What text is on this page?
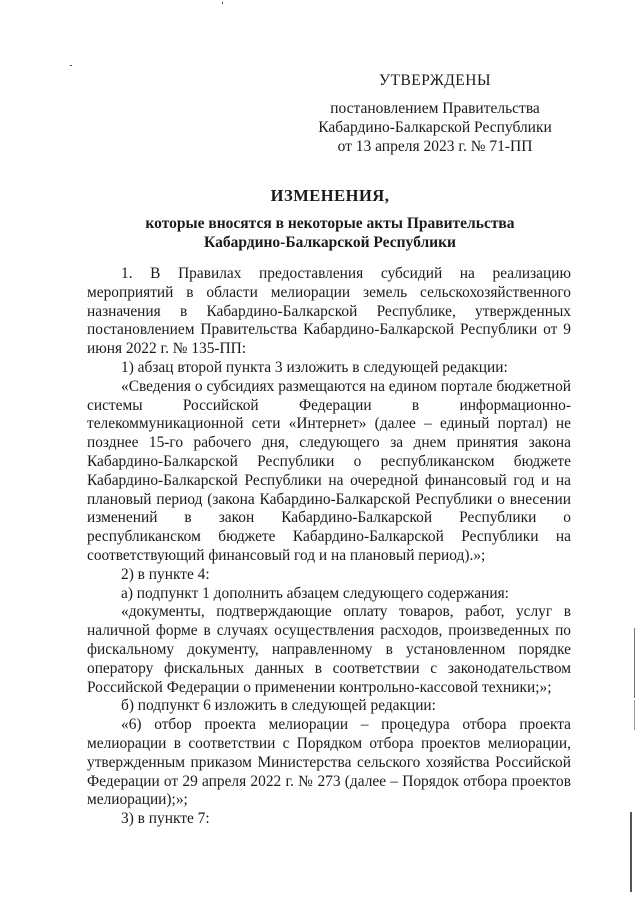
УТВЕРЖДЕНЫ
постановлением Правительства
Кабардино-Балкарской Республики
от 13 апреля 2023 г. № 71-ПП
ИЗМЕНЕНИЯ,
которые вносятся в некоторые акты Правительства
Кабардино-Балкарской Республики

1. В Правилах предоставления субсидий на реализацию мероприятий в области мелиорации земель сельскохозяйственного назначения в Кабардино-Балкарской Республике, утвержденных постановлением Правительства Кабардино-Балкарской Республики от 9 июня 2022 г. № 135-ПП:

1) абзац второй пункта 3 изложить в следующей редакции:

«Сведения о субсидиях размещаются на едином портале бюджетной системы Российской Федерации в информационно-телекоммуникационной сети «Интернет» (далее – единый портал) не позднее 15-го рабочего дня, следующего за днем принятия закона Кабардино-Балкарской Республики о республиканском бюджете Кабардино-Балкарской Республики на очередной финансовый год и на плановый период (закона Кабардино-Балкарской Республики о внесении изменений в закон Кабардино-Балкарской Республики о республиканском бюджете Кабардино-Балкарской Республики на соответствующий финансовый год и на плановый период).»;

2) в пункте 4:

а) подпункт 1 дополнить абзацем следующего содержания:

«документы, подтверждающие оплату товаров, работ, услуг в наличной форме в случаях осуществления расходов, произведенных по фискальному документу, направленному в установленном порядке оператору фискальных данных в соответствии с законодательством Российской Федерации о применении контрольно-кассовой техники;»;

б) подпункт 6 изложить в следующей редакции:

«6) отбор проекта мелиорации – процедура отбора проекта мелиорации в соответствии с Порядком отбора проектов мелиорации, утвержденным приказом Министерства сельского хозяйства Российской Федерации от 29 апреля 2022 г. № 273 (далее – Порядок отбора проектов мелиорации);»;

3) в пункте 7:
